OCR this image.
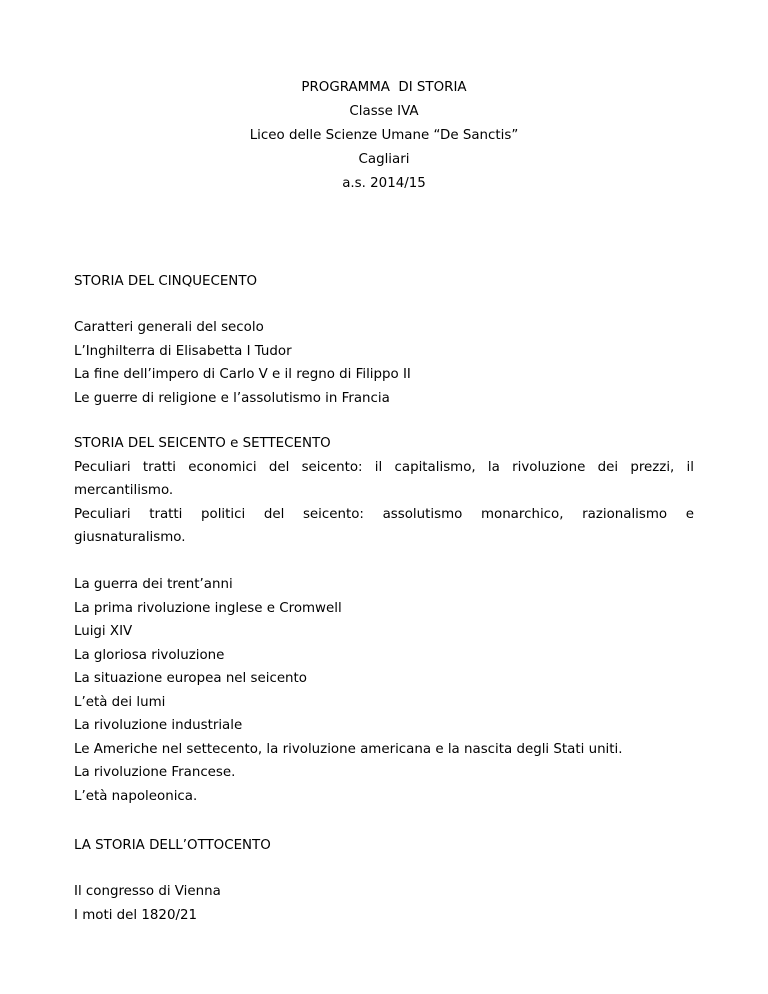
PROGRAMMA  DI STORIA
Classe IVA
Liceo delle Scienze Umane “De Sanctis”
Cagliari
a.s. 2014/15
STORIA DEL CINQUECENTO
Caratteri generali del secolo
L’Inghilterra di Elisabetta I Tudor
La fine dell’impero di Carlo V e il regno di Filippo II
Le guerre di religione e l’assolutismo in Francia
STORIA DEL SEICENTO e SETTECENTO
Peculiari tratti economici del seicento: il capitalismo, la rivoluzione dei prezzi, il
mercantilismo.
Peculiari tratti politici del seicento: assolutismo monarchico, razionalismo e
giusnaturalismo.
La guerra dei trent’anni
La prima rivoluzione inglese e Cromwell
Luigi XIV
La gloriosa rivoluzione
La situazione europea nel seicento
L’età dei lumi
La rivoluzione industriale
Le Americhe nel settecento, la rivoluzione americana e la nascita degli Stati uniti.
La rivoluzione Francese.
L’età napoleonica.
LA STORIA DELL’OTTOCENTO
Il congresso di Vienna
I moti del 1820/21
